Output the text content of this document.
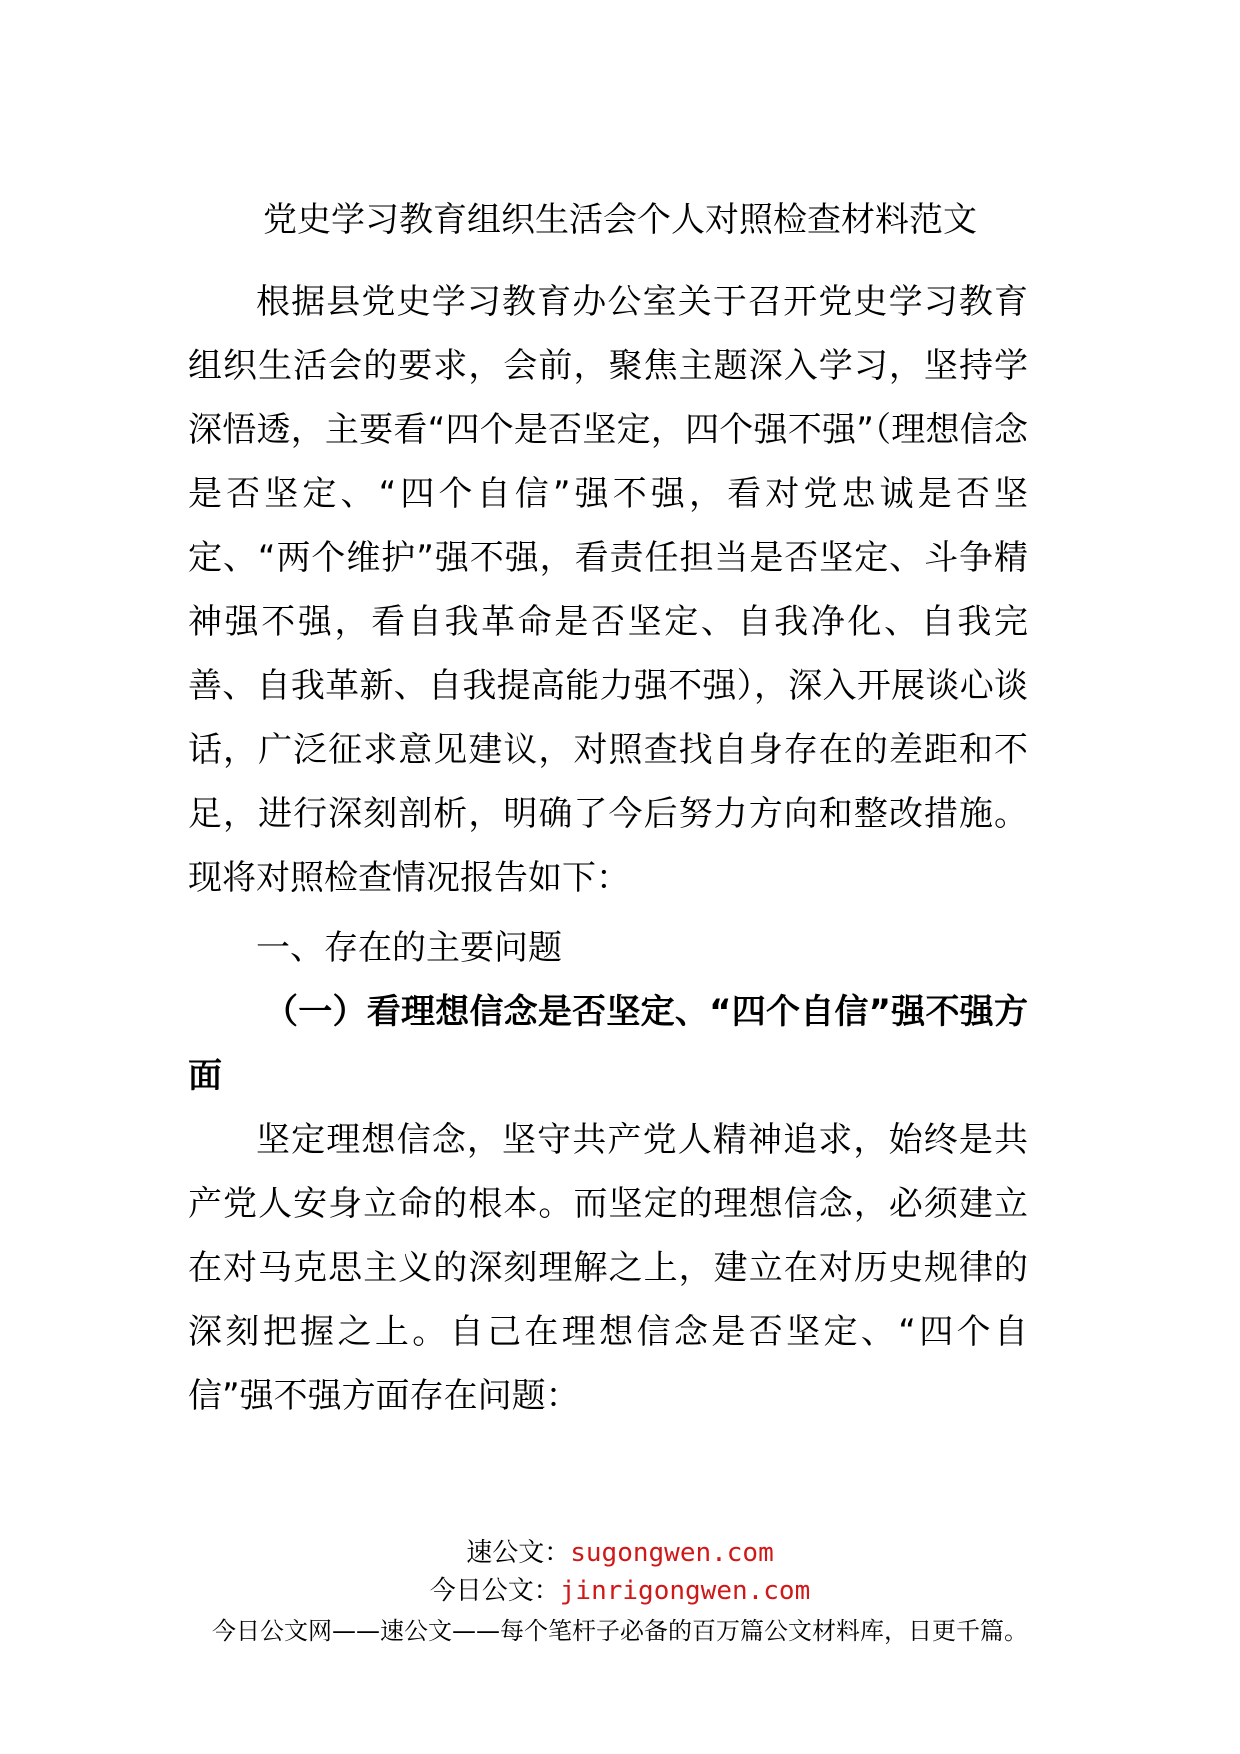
党史学习教育组织生活会个人对照检查材料范文

根据县党史学习教育办公室关于召开党史学习教育组织生活会的要求，会前，聚焦主题深入学习，坚持学深悟透，主要看“四个是否坚定，四个强不强”（理想信念是否坚定、“四个自信”强不强，看对党忠诚是否坚定、“两个维护”强不强，看责任担当是否坚定、斗争精神强不强，看自我革命是否坚定、自我净化、自我完善、自我革新、自我提高能力强不强），深入开展谈心谈话，广泛征求意见建议，对照查找自身存在的差距和不足，进行深刻剖析，明确了今后努力方向和整改措施。现将对照检查情况报告如下：

一、存在的主要问题

（一）看理想信念是否坚定、“四个自信”强不强方面

坚定理想信念，坚守共产党人精神追求，始终是共产党人安身立命的根本。而坚定的理想信念，必须建立在对马克思主义的深刻理解之上，建立在对历史规律的深刻把握之上。自己在理想信念是否坚定、“四个自信”强不强方面存在问题：

速公文：sugongwen.com
今日公文：jinrigongwen.com
今日公文网——速公文——每个笔杆子必备的百万篇公文材料库，日更千篇。
